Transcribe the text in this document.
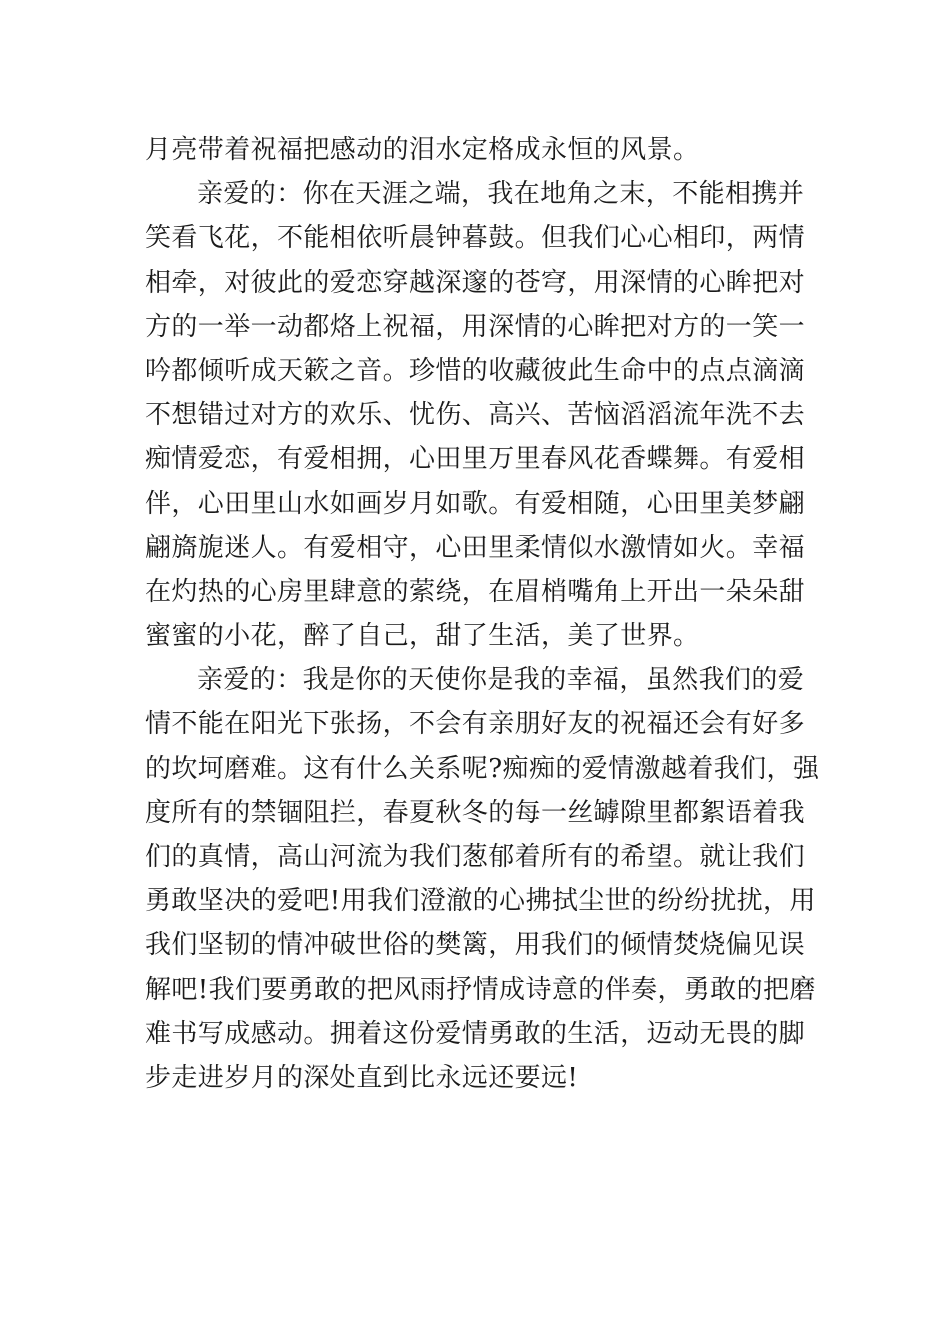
月亮带着祝福把感动的泪水定格成永恒的风景。
亲爱的：你在天涯之端，我在地角之末，不能相携并
笑看飞花，不能相依听晨钟暮鼓。但我们心心相印，两情
相牵，对彼此的爱恋穿越深邃的苍穹，用深情的心眸把对
方的一举一动都烙上祝福，用深情的心眸把对方的一笑一
吟都倾听成天簌之音。珍惜的收藏彼此生命中的点点滴滴
不想错过对方的欢乐、忧伤、高兴、苦恼滔滔流年洗不去
痴情爱恋，有爱相拥，心田里万里春风花香蝶舞。有爱相
伴，心田里山水如画岁月如歌。有爱相随，心田里美梦翩
翩旖旎迷人。有爱相守，心田里柔情似水激情如火。幸福
在灼热的心房里肆意的萦绕，在眉梢嘴角上开出一朵朵甜
蜜蜜的小花，醉了自己，甜了生活，美了世界。
亲爱的：我是你的天使你是我的幸福，虽然我们的爱
情不能在阳光下张扬，不会有亲朋好友的祝福还会有好多
的坎坷磨难。这有什么关系呢?痴痴的爱情激越着我们，强
度所有的禁锢阻拦，春夏秋冬的每一丝罅隙里都絮语着我
们的真情，高山河流为我们葱郁着所有的希望。就让我们
勇敢坚决的爱吧!用我们澄澈的心拂拭尘世的纷纷扰扰，用
我们坚韧的情冲破世俗的樊篱，用我们的倾情焚烧偏见误
解吧!我们要勇敢的把风雨抒情成诗意的伴奏，勇敢的把磨
难书写成感动。拥着这份爱情勇敢的生活，迈动无畏的脚
步走进岁月的深处直到比永远还要远!
